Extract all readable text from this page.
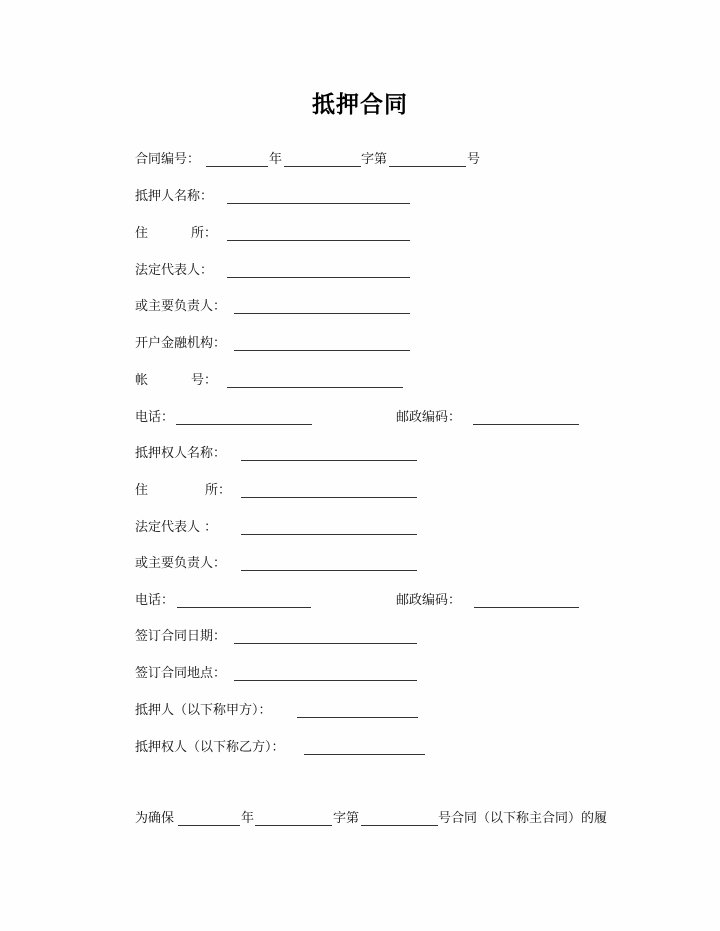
抵押合同
合同编号：	年	字第	号
抵押人名称：
住	所：
法定代表人：
或主要负责人：
开户金融机构：
帐	号：
电话：	邮政编码：
抵押权人名称：
住	所：
法定代表人 ：
或主要负责人：
电话：	邮政编码：
签订合同日期：
签订合同地点：
抵押人（以下称甲方）：
抵押权人（以下称乙方）：
为确保	年	字第	号合同（以下称主合同）的履
